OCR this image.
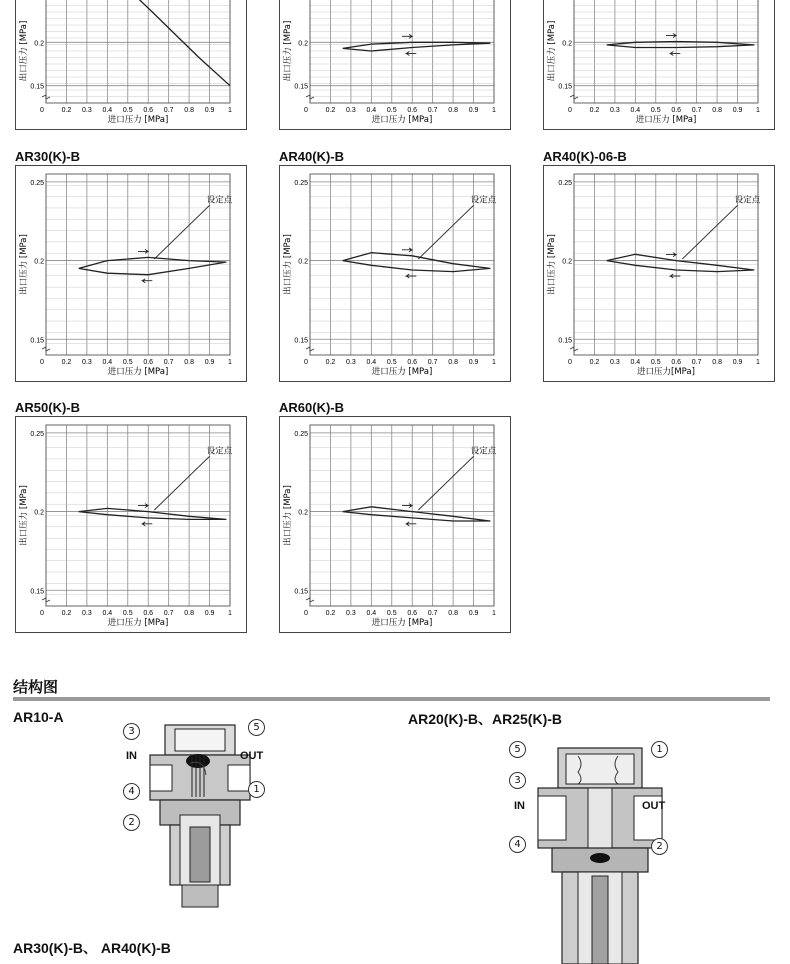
0.15
0.2
0	0.2 0.3 0.4 0.5 0.6 0.7 0.8 0.9 1
进口压力 [MPa]
出口压力 [MPa]
0.15
0.2
0	0.2 0.3 0.4 0.5 0.6 0.7 0.8 0.9 1
进口压力 [MPa]
出口压力 [MPa]
0.15
0.2
0	0.2 0.3 0.4 0.5 0.6 0.7 0.8 0.9 1
进口压力 [MPa]
出口压力 [MPa]
AR30(K)-B
0.15
0.2
0.25
0	0.2 0.3 0.4 0.5 0.6 0.7 0.8 0.9 1
进口压力 [MPa]
出口压力 [MPa]
设定点
AR40(K)-B
0.15
0.2
0.25
0	0.2 0.3 0.4 0.5 0.6 0.7 0.8 0.9 1
进口压力 [MPa]
出口压力 [MPa]
设定点
AR40(K)-06-B
0.15
0.2
0.25
0	0.2 0.3 0.4 0.5 0.6 0.7 0.8 0.9 1
进口压力[MPa]
出口压力 [MPa]
设定点
AR50(K)-B
0.15
0.2
0.25
0	0.2 0.3 0.4 0.5 0.6 0.7 0.8 0.9 1
进口压力 [MPa]
出口压力 [MPa]
设定点
AR60(K)-B
0.15
0.2
0.25
0	0.2 0.3 0.4 0.5 0.6 0.7 0.8 0.9 1
进口压力 [MPa]
出口压力 [MPa]
设定点
结构图
AR10-A	AR20(K)-B、AR25(K)-B
AR30(K)-B、 AR40(K)-B
IN	OUT
3	5
4	1
2
IN	OUT
5	1
3
4	2
